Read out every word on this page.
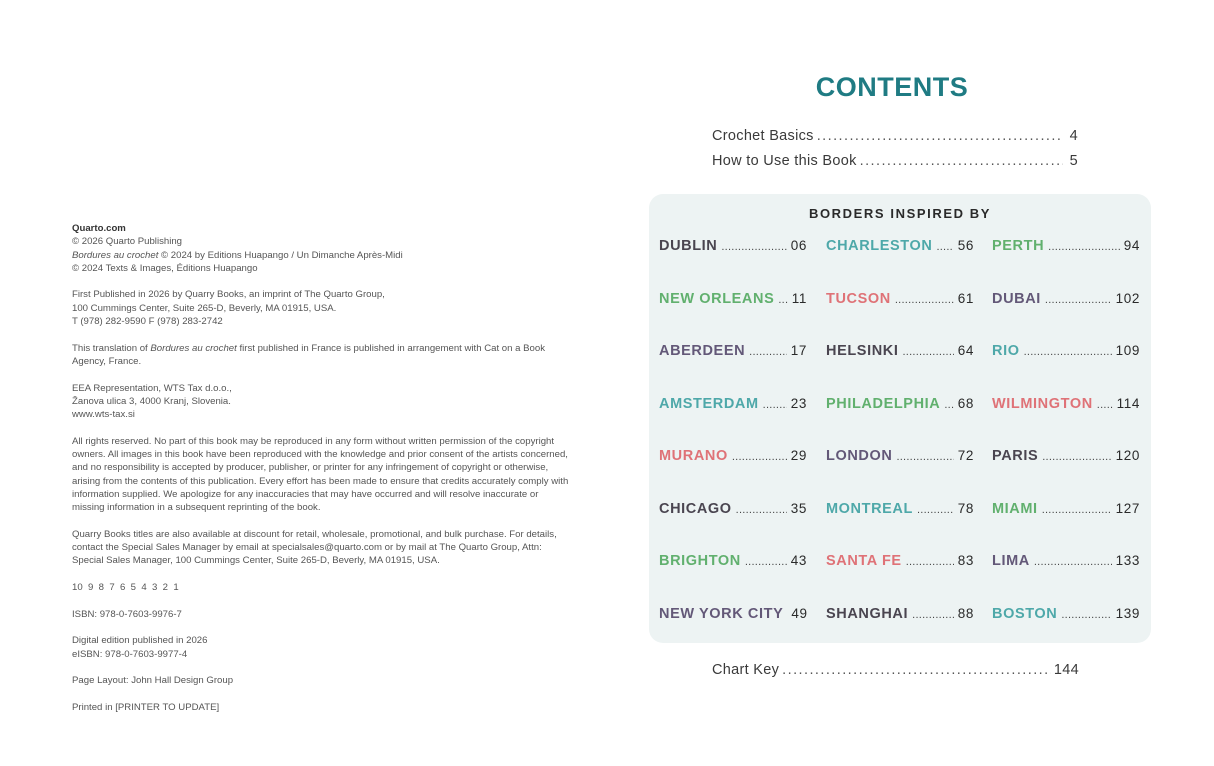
Quarto.com
© 2026 Quarto Publishing
Bordures au crochet © 2024 by Editions Huapango / Un Dimanche Après-Midi
© 2024 Texts & Images, Éditions Huapango
First Published in 2026 by Quarry Books, an imprint of The Quarto Group,
100 Cummings Center, Suite 265-D, Beverly, MA 01915, USA.
T (978) 282-9590 F (978) 283-2742
This translation of Bordures au crochet first published in France is published in arrangement with Cat on a Book
Agency, France.
EEA Representation, WTS Tax d.o.o.,
Žanova ulica 3, 4000 Kranj, Slovenia.
www.wts-tax.si
All rights reserved. No part of this book may be reproduced in any form without written permission of the copyright
owners. All images in this book have been reproduced with the knowledge and prior consent of the artists concerned,
and no responsibility is accepted by producer, publisher, or printer for any infringement of copyright or otherwise,
arising from the contents of this publication. Every effort has been made to ensure that credits accurately comply with
information supplied. We apologize for any inaccuracies that may have occurred and will resolve inaccurate or
missing information in a subsequent reprinting of the book.
Quarry Books titles are also available at discount for retail, wholesale, promotional, and bulk purchase. For details,
contact the Special Sales Manager by email at specialsales@quarto.com or by mail at The Quarto Group, Attn:
Special Sales Manager, 100 Cummings Center, Suite 265-D, Beverly, MA 01915, USA.
10  9  8  7  6  5  4  3  2  1
ISBN: 978-0-7603-9976-7
Digital edition published in 2026
eISBN: 978-0-7603-9977-4
Page Layout: John Hall Design Group
Printed in [PRINTER TO UPDATE]
CONTENTS
Crochet Basics . . .	4
How to Use this Book . . .	5
BORDERS INSPIRED BY
DUBLIN . . .	06 CHARLESTON . . . 56 PERTH . . .	94
NEW ORLEANS . . . 11 TUCSON . . .	61 DUBAI . . .	102
ABERDEEN . . .	17 HELSINKI . . .	64 RIO . . .	109
AMSTERDAM . . . 23 PHILADELPHIA . . . 68 WILMINGTON . . . 114
MURANO . . .	29 LONDON . . .	72 PARIS . . .	120
CHICAGO . . .	35 MONTREAL . . .	78 MIAMI . . .	127
BRIGHTON . . .	43 SANTA FE . . .	83 LIMA . . .	133
NEW YORK CITY 49 SHANGHAI . . .	88 BOSTON . . .	139
Chart Key . . .	144
